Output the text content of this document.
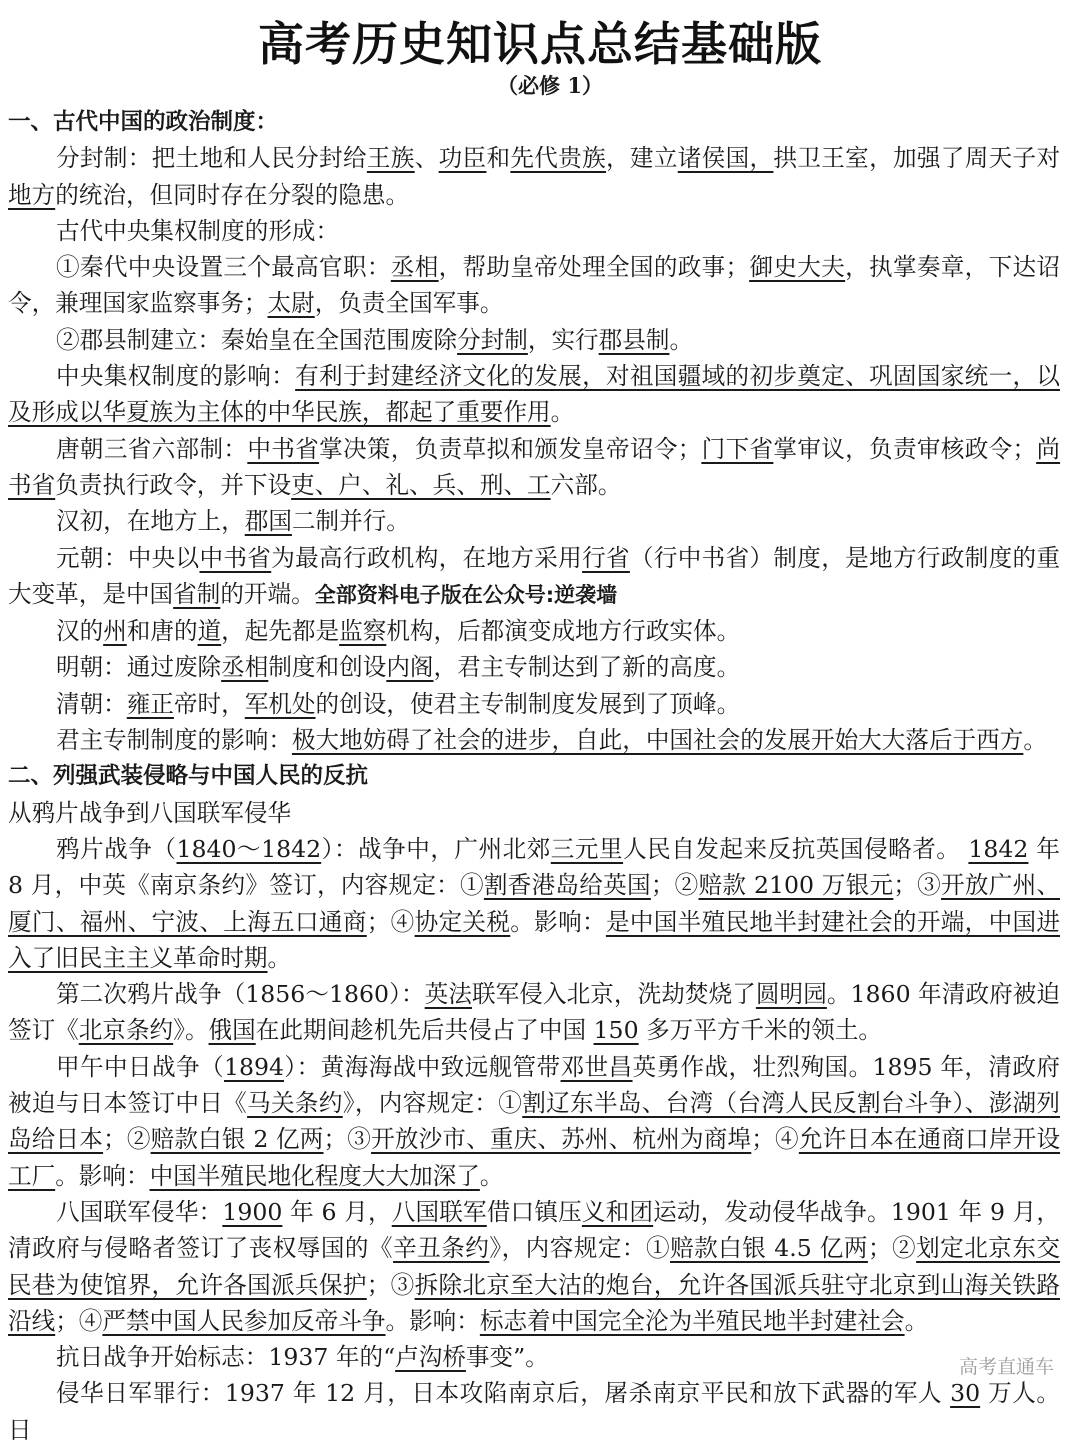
高考历史知识点总结基础版
（必修 1）

一、古代中国的政治制度：

分封制：把土地和人民分封给王族、功臣和先代贵族，建立诸侯国，拱卫王室，加强了周天子对地方的统治，但同时存在分裂的隐患。

古代中央集权制度的形成：

①秦代中央设置三个最高官职：丞相，帮助皇帝处理全国的政事；御史大夫，执掌奏章，下达诏令，兼理国家监察事务；太尉，负责全国军事。

②郡县制建立：秦始皇在全国范围废除分封制，实行郡县制。

中央集权制度的影响：有利于封建经济文化的发展，对祖国疆域的初步奠定、巩固国家统一，以及形成以华夏族为主体的中华民族，都起了重要作用。

唐朝三省六部制：中书省掌决策，负责草拟和颁发皇帝诏令；门下省掌审议，负责审核政令；尚书省负责执行政令，并下设吏、户、礼、兵、刑、工六部。

汉初，在地方上，郡国二制并行。

元朝：中央以中书省为最高行政机构，在地方采用行省（行中书省）制度，是地方行政制度的重大变革，是中国省制的开端。全部资料电子版在公众号:逆袭墙

汉的州和唐的道，起先都是监察机构，后都演变成地方行政实体。

明朝：通过废除丞相制度和创设内阁，君主专制达到了新的高度。

清朝：雍正帝时，军机处的创设，使君主专制制度发展到了顶峰。

君主专制制度的影响：极大地妨碍了社会的进步，自此，中国社会的发展开始大大落后于西方。

二、列强武装侵略与中国人民的反抗

从鸦片战争到八国联军侵华

鸦片战争（1840～1842）：战争中，广州北郊三元里人民自发起来反抗英国侵略者。 1842 年 8 月，中英《南京条约》签订，内容规定：①割香港岛给英国；②赔款 2100 万银元；③开放广州、厦门、福州、宁波、上海五口通商；④协定关税。影响：是中国半殖民地半封建社会的开端，中国进入了旧民主主义革命时期。

第二次鸦片战争（1856～1860）：英法联军侵入北京，洗劫焚烧了圆明园。1860 年清政府被迫签订《北京条约》。俄国在此期间趁机先后共侵占了中国 150 多万平方千米的领土。

甲午中日战争（1894）：黄海海战中致远舰管带邓世昌英勇作战，壮烈殉国。1895 年，清政府被迫与日本签订中日《马关条约》，内容规定：①割辽东半岛、台湾（台湾人民反割台斗争）、澎湖列岛给日本；②赔款白银 2 亿两；③开放沙市、重庆、苏州、杭州为商埠；④允许日本在通商口岸开设工厂。影响：中国半殖民地化程度大大加深了。

八国联军侵华：1900 年 6 月，八国联军借口镇压义和团运动，发动侵华战争。1901 年 9 月，清政府与侵略者签订了丧权辱国的《辛丑条约》，内容规定：①赔款白银 4.5 亿两；②划定北京东交民巷为使馆界，允许各国派兵保护；③拆除北京至大沽的炮台，允许各国派兵驻守北京到山海关铁路沿线；④严禁中国人民参加反帝斗争。影响：标志着中国完全沦为半殖民地半封建社会。

抗日战争开始标志：1937 年的“卢沟桥事变”。

侵华日军罪行：1937 年 12 月，日本攻陷南京后，屠杀南京平民和放下武器的军人 30 万人。日

高考直通车
